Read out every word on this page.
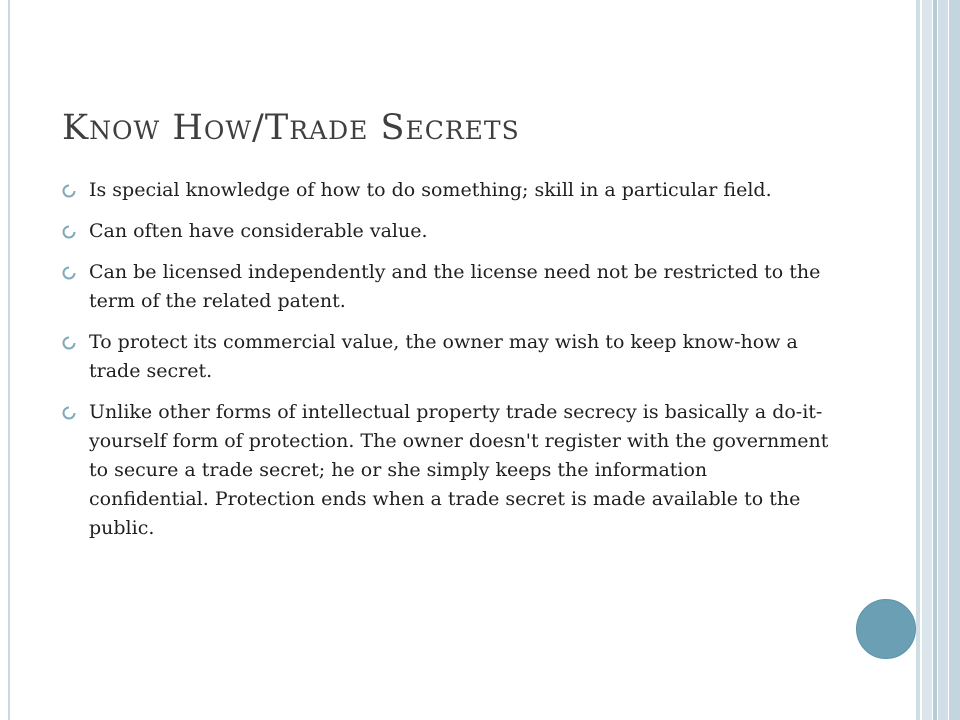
Know How/Trade Secrets
Is special knowledge of how to do something; skill in a particular field.
Can often have considerable value.
Can be licensed independently and the license need not be restricted to the term of the related patent.
To protect its commercial value, the owner may wish to keep know-how a trade secret.
Unlike other forms of intellectual property trade secrecy is basically a do-it-yourself form of protection. The owner doesn't register with the government to secure a trade secret; he or she simply keeps the information confidential. Protection ends when a trade secret is made available to the public.
